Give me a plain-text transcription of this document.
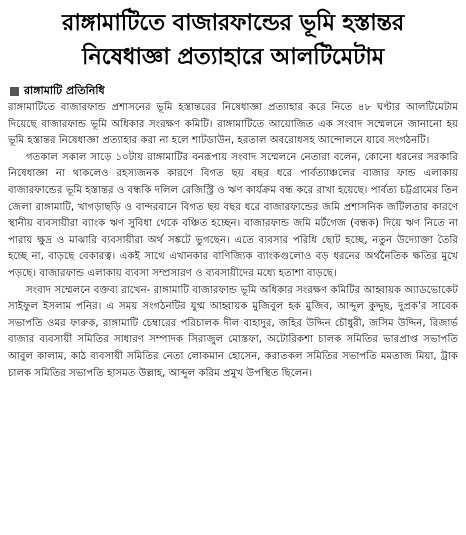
রাঙ্গামাটিতে বাজারফান্ডের ভূমি হস্তান্তর
নিষেধাজ্ঞা প্রত্যাহারে আলটিমেটাম
রাঙ্গামাটি প্রতিনিধি

রাঙ্গামাটিতে বাজারফান্ড প্রশাসনের ভূমি হস্তান্তরের নিষেধাজ্ঞা প্রত্যাহার করে নিতে ৪৮ ঘণ্টার আলটিমেটাম দিয়েছে বাজারফান্ড ভূমি অধিকার সংরক্ষণ কমিটি। রাঙ্গামাটিতে আয়োজিত এক সংবাদ সম্মেলনে জানানো হয় ভূমি হস্তান্তর নিষেধাজ্ঞা প্রত্যাহার করা না হলে শাটডাউন, হরতাল অবরোধসহ আন্দোলনে যাবে সংগঠনটি।

গতকাল সকাল সাড়ে ১০টায় রাঙ্গামাটির বনরূপায় সংবাদ সম্মেলনে নেতারা বলেন, কোনো ধরনের সরকারি নিষেধাজ্ঞা না থাকলেও রহস্যজনক কারণে বিগত ছয় বছর ধরে পার্বত্যাঞ্চলের বাজার ফান্ড এলাকায় বাজারফান্ডের ভূমি হস্তান্তর ও বন্ধকি দলিল রেজিস্ট্রি ও ঋণ কার্যক্রম বন্ধ করে রাখা হয়েছে। পার্বত্য চট্টগ্রামের তিন জেলা রাঙ্গামাটি, খাগড়াছড়ি ও বান্দরবানে বিগত ছয় বছর ধরে বাজারফান্ডের জমি প্রশাসনিক জটিলতার কারণে স্থানীয় ব্যবসায়ীরা ব্যাংক ঋণ সুবিধা থেকে বঞ্চিত হচ্ছেন। বাজারফান্ড জমি মর্টগেজ (বন্ধক) দিয়ে ঋণ নিতে না পারায় ক্ষুদ্র ও মাঝারি ব্যবসায়ীরা অর্থ সঙ্কটে ভুগছেন। এতে ব্যবসার পরিধি ছোট হচ্ছে, নতুন উদ্যোক্তা তৈরি হচ্ছে না, বাড়ছে বেকারত্ব। একই সাথে এখানকার বাণিজ্যিক ব্যাংকগুলোও বড় ধরনের অর্থনৈতিক ক্ষতির মুখে পড়ছে। বাজারফান্ড এলাকায় ব্যবসা সম্প্রসারণ ও ব্যবসায়ীদের মধ্যে হতাশা বাড়ছে।

সংবাদ সম্মেলনে বক্তব্য রাখেন- রাঙ্গামাটি বাজারফান্ড ভূমি অধিকার সংরক্ষণ কমিটির আহ্বায়ক অ্যাডভোকেট সাইফুল ইসলাম পনির। এ সময় সংগঠনটির যুগ্ম আহ্বায়ক মুজিবুল হক মুজিব, আব্দুল কুদ্দুছ, দুপ্রক'র সাবেক সভাপতি ওমর ফারুক, রাঙ্গামাটি চেম্বারের পরিচালক দীল বাহাদুর, জহির উদ্দিন চৌধুরী, জসিম উদ্দিন, রিজার্ভ বাজার ব্যবসায়ী সমিতির সাধারণ সম্পাদক সিরাজুল মোস্তফা, অটোরিকশা চালক সমিতির ভারপ্রাপ্ত সভাপতি আবুল কালাম, কাঠ ব্যবসায়ী সমিতির নেতা লোকমান হোসেন, করাতকল সমিতির সভাপতি মমতাজ মিয়া, ট্রাক চালক সমিতির সভাপতি হাসমত উল্লাহ, আব্দুল করিম প্রমুখ উপস্থিত ছিলেন।
